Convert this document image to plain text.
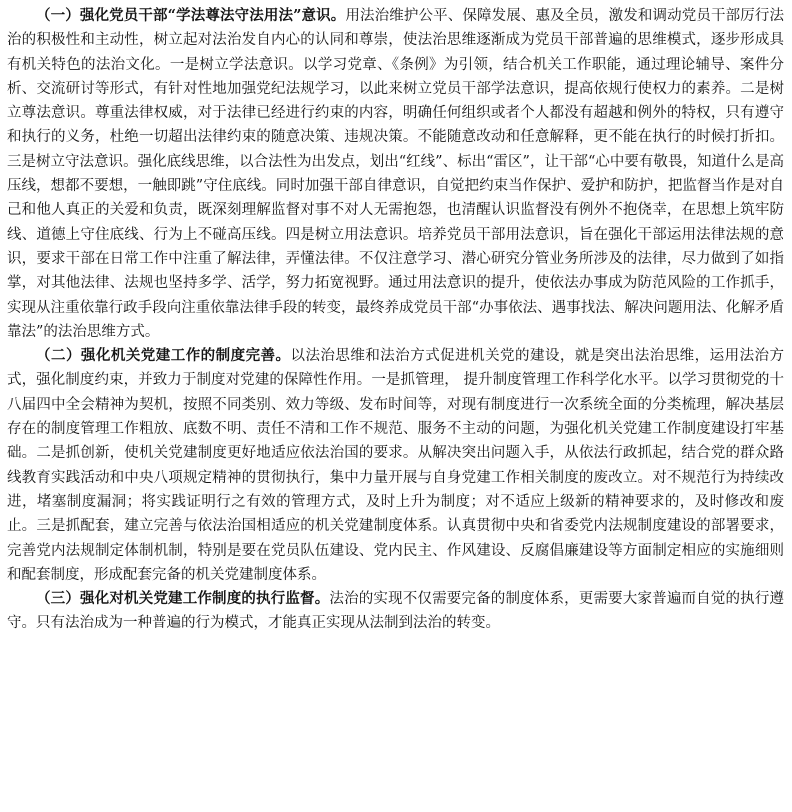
（一）强化党员干部“学法尊法守法用法”意识。用法治维护公平、保障发展、惠及全员，激发和调动党员干部厉行法治的积极性和主动性，树立起对法治发自内心的认同和尊崇，使法治思维逐渐成为党员干部普遍的思维模式，逐步形成具有机关特色的法治文化。一是树立学法意识。以学习党章、《条例》为引领，结合机关工作职能，通过理论辅导、案件分析、交流研讨等形式，有针对性地加强党纪法规学习，以此来树立党员干部学法意识，提高依规行使权力的素养。二是树立尊法意识。尊重法律权威，对于法律已经进行约束的内容，明确任何组织或者个人都没有超越和例外的特权，只有遵守和执行的义务，杜绝一切超出法律约束的随意决策、违规决策。不能随意改动和任意解释，更不能在执行的时候打折扣。三是树立守法意识。强化底线思维，以合法性为出发点，划出“红线”、标出“雷区”，让干部“心中要有敬畏，知道什么是高压线，想都不要想，一触即跳”守住底线。同时加强干部自律意识，自觉把约束当作保护、爱护和防护，把监督当作是对自己和他人真正的关爱和负责，既深刻理解监督对事不对人无需抱怨，也清醒认识监督没有例外不抱侥幸，在思想上筑牢防线、道德上守住底线、行为上不碰高压线。四是树立用法意识。培养党员干部用法意识，旨在强化干部运用法律法规的意识，要求干部在日常工作中注重了解法律，弄懂法律。不仅注意学习、潜心研究分管业务所涉及的法律，尽力做到了如指掌，对其他法律、法规也坚持多学、活学，努力拓宽视野。通过用法意识的提升，使依法办事成为防范风险的工作抓手，实现从注重依靠行政手段向注重依靠法律手段的转变，最终养成党员干部“办事依法、遇事找法、解决问题用法、化解矛盾靠法”的法治思维方式。

（二）强化机关党建工作的制度完善。以法治思维和法治方式促进机关党的建设，就是突出法治思维，运用法治方式，强化制度约束，并致力于制度对党建的保障性作用。一是抓管理， 提升制度管理工作科学化水平。以学习贯彻党的十八届四中全会精神为契机，按照不同类别、效力等级、发布时间等，对现有制度进行一次系统全面的分类梳理，解决基层存在的制度管理工作粗放、底数不明、责任不清和工作不规范、服务不主动的问题，为强化机关党建工作制度建设打牢基础。二是抓创新，使机关党建制度更好地适应依法治国的要求。从解决突出问题入手，从依法行政抓起，结合党的群众路线教育实践活动和中央八项规定精神的贯彻执行，集中力量开展与自身党建工作相关制度的废改立。对不规范行为持续改进，堵塞制度漏洞；将实践证明行之有效的管理方式，及时上升为制度；对不适应上级新的精神要求的，及时修改和废止。三是抓配套，建立完善与依法治国相适应的机关党建制度体系。认真贯彻中央和省委党内法规制度建设的部署要求，完善党内法规制定体制机制，特别是要在党员队伍建设、党内民主、作风建设、反腐倡廉建设等方面制定相应的实施细则和配套制度，形成配套完备的机关党建制度体系。

（三）强化对机关党建工作制度的执行监督。法治的实现不仅需要完备的制度体系，更需要大家普遍而自觉的执行遵守。只有法治成为一种普遍的行为模式，才能真正实现从法制到法治的转变。
